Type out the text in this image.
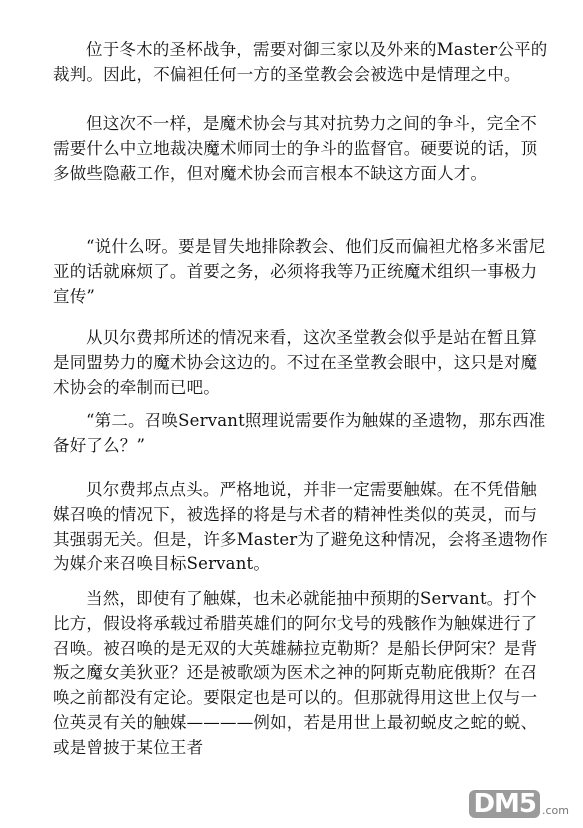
位于冬木的圣杯战争，需要对御三家以及外来的Master公平的裁判。因此，不偏袒任何一方的圣堂教会会被选中是情理之中。

但这次不一样，是魔术协会与其对抗势力之间的争斗，完全不需要什么中立地裁决魔术师同士的争斗的监督官。硬要说的话，顶多做些隐蔽工作，但对魔术协会而言根本不缺这方面人才。

“说什么呀。要是冒失地排除教会、他们反而偏袒尤格多米雷尼亚的话就麻烦了。首要之务，必须将我等乃正统魔术组织一事极力宣传”

从贝尔费邦所述的情况来看，这次圣堂教会似乎是站在暂且算是同盟势力的魔术协会这边的。不过在圣堂教会眼中，这只是对魔术协会的牵制而已吧。

“第二。召唤Servant照理说需要作为触媒的圣遗物，那东西准备好了么？”

贝尔费邦点点头。严格地说，并非一定需要触媒。在不凭借触媒召唤的情况下，被选择的将是与术者的精神性类似的英灵，而与其强弱无关。但是，许多Master为了避免这种情况，会将圣遗物作为媒介来召唤目标Servant。

当然，即使有了触媒，也未必就能抽中预期的Servant。打个比方，假设将承载过希腊英雄们的阿尔戈号的残骸作为触媒进行了召唤。被召唤的是无双的大英雄赫拉克勒斯？是船长伊阿宋？是背叛之魔女美狄亚？还是被歌颂为医术之神的阿斯克勒庇俄斯？在召唤之前都没有定论。要限定也是可以的。但那就得用这世上仅与一位英灵有关的触媒————例如，若是用世上最初蜕皮之蛇的蜕、或是曾披于某位王者

DM5 .com
